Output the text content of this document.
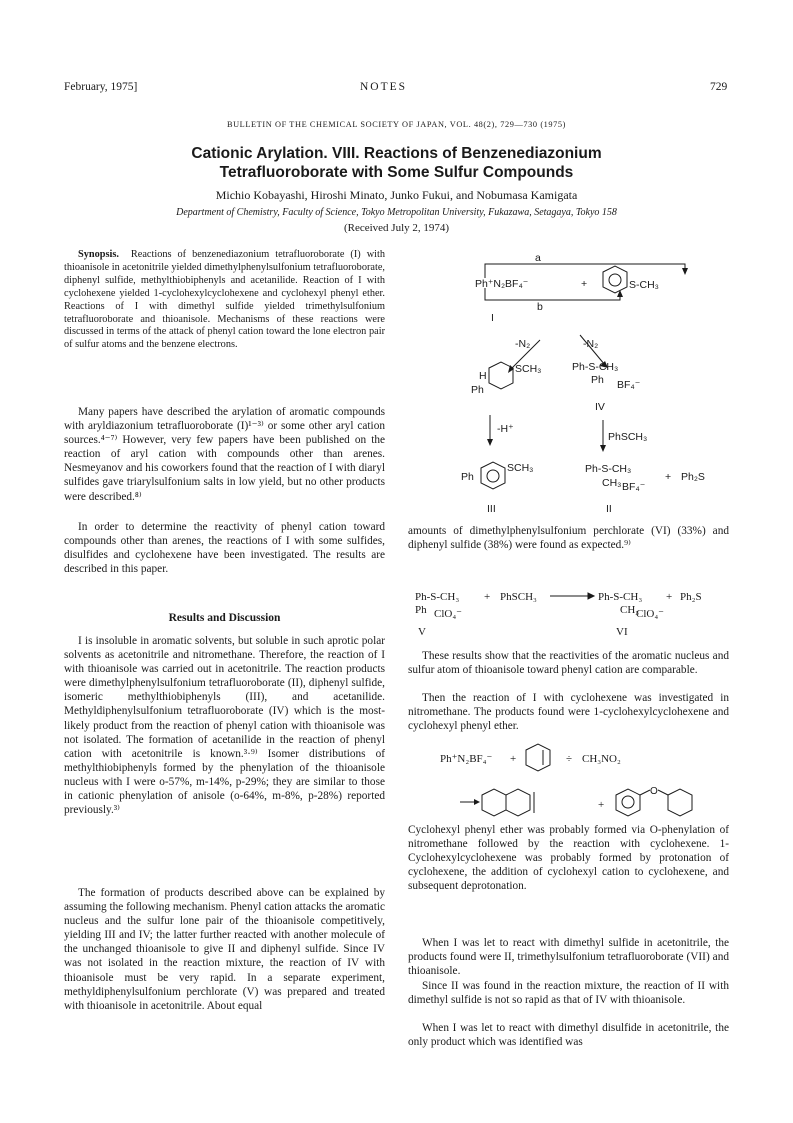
February, 1975]	NOTES	729
BULLETIN OF THE CHEMICAL SOCIETY OF JAPAN, VOL. 48(2), 729—730 (1975)
Cationic Arylation. VIII. Reactions of Benzenediazonium
Tetrafluoroborate with Some Sulfur Compounds
Michio Kobayashi, Hiroshi Minato, Junko Fukui, and Nobumasa Kamigata
Department of Chemistry, Faculty of Science, Tokyo Metropolitan University, Fukazawa, Setagaya, Tokyo 158
(Received July 2, 1974)
Synopsis. Reactions of benzenediazonium tetrafluoroborate (I) with thioanisole in acetonitrile yielded dimethylphenylsulfonium tetrafluoroborate, diphenyl sulfide, methylthiobiphenyls and acetanilide. Reaction of I with cyclohexene yielded 1-cyclohexylcyclohexene and cyclohexyl phenyl ether. Reactions of I with dimethyl sulfide yielded trimethylsulfonium tetrafluoroborate and thioanisole. Mechanisms of these reactions were discussed in terms of the attack of phenyl cation toward the lone electron pair of sulfur atoms and the benzene electrons.
Many papers have described the arylation of aromatic compounds with aryldiazonium tetrafluoroborate (I)¹⁻³⁾ or some other aryl cation sources.⁴⁻⁷⁾ However, very few papers have been published on the reaction of aryl cation with compounds other than arenes. Nesmeyanov and his coworkers found that the reaction of I with diaryl sulfides gave triarylsulfonium salts in low yield, but no other products were described.⁸⁾
In order to determine the reactivity of phenyl cation toward compounds other than arenes, the reactions of I with some sulfides, disulfides and cyclohexene have been investigated. The results are described in this paper.
Results and Discussion
I is insoluble in aromatic solvents, but soluble in such aprotic polar solvents as acetonitrile and nitromethane. Therefore, the reaction of I with thioanisole was carried out in acetonitrile. The reaction products were dimethylphenylsulfonium tetrafluoroborate (II), diphenyl sulfide, isomeric methylthiobiphenyls (III), and acetanilide. Methyldiphenylsulfonium tetrafluoroborate (IV) which is the most-likely product from the reaction of phenyl cation with thioanisole was not isolated. The formation of acetanilide in the reaction of phenyl cation with acetonitrile is known.³·⁹⁾ Isomer distributions of methylthiobiphenyls formed by the phenylation of the thioanisole nucleus with I were o-57%, m-14%, p-29%; they are similar to those in cationic phenylation of anisole (o-64%, m-8%, p-28%) reported previously.³⁾
The formation of products described above can be explained by assuming the following mechanism. Phenyl cation attacks the aromatic nucleus and the sulfur lone pair of the thioanisole competitively, yielding III and IV; the latter further reacted with another molecule of the unchanged thioanisole to give II and diphenyl sulfide. Since IV was not isolated in the reaction mixture, the reaction of IV with thioanisole must be very rapid. In a separate experiment, methyldiphenylsulfonium perchlorate (V) was prepared and treated with thioanisole in acetonitrile. About equal
a
b
Ph⁺N₂BF₄⁻	+	S-CH₃
I
-N₂	-N₂
SCH₃
H
Ph
Ph-S-CH₃
Ph BF₄⁻
IV
-H⁺
PhSCH₃
Ph
SCH₃
III
Ph-S-CH₃
CH₃ BF₄⁻
+ Ph₂S
II
amounts of dimethylphenylsulfonium perchlorate (VI) (33%) and diphenyl sulfide (38%) were found as expected.⁹⁾
Ph-S-CH₃
Ph ClO₄⁻
+ PhSCH₃	Ph-S-CH₃
CH₃
ClO₄⁻
+ Ph₂S
V	VI
These results show that the reactivities of the aromatic nucleus and sulfur atom of thioanisole toward phenyl cation are comparable.
Then the reaction of I with cyclohexene was investigated in nitromethane. The products found were 1-cyclohexylcyclohexene and cyclohexyl phenyl ether.
Ph⁺N₂BF₄⁻ +	÷ CH₃NO₂
+
O
Cyclohexyl phenyl ether was probably formed via O-phenylation of nitromethane followed by the reaction with cyclohexene. 1-Cyclohexylcyclohexene was probably formed by protonation of cyclohexene, the addition of cyclohexyl cation to cyclohexene, and subsequent deprotonation.
When I was let to react with dimethyl sulfide in acetonitrile, the products found were II, trimethylsulfonium tetrafluoroborate (VII) and thioanisole.
Since II was found in the reaction mixture, the reaction of II with dimethyl sulfide is not so rapid as that of IV with thioanisole.
When I was let to react with dimethyl disulfide in acetonitrile, the only product which was identified was
